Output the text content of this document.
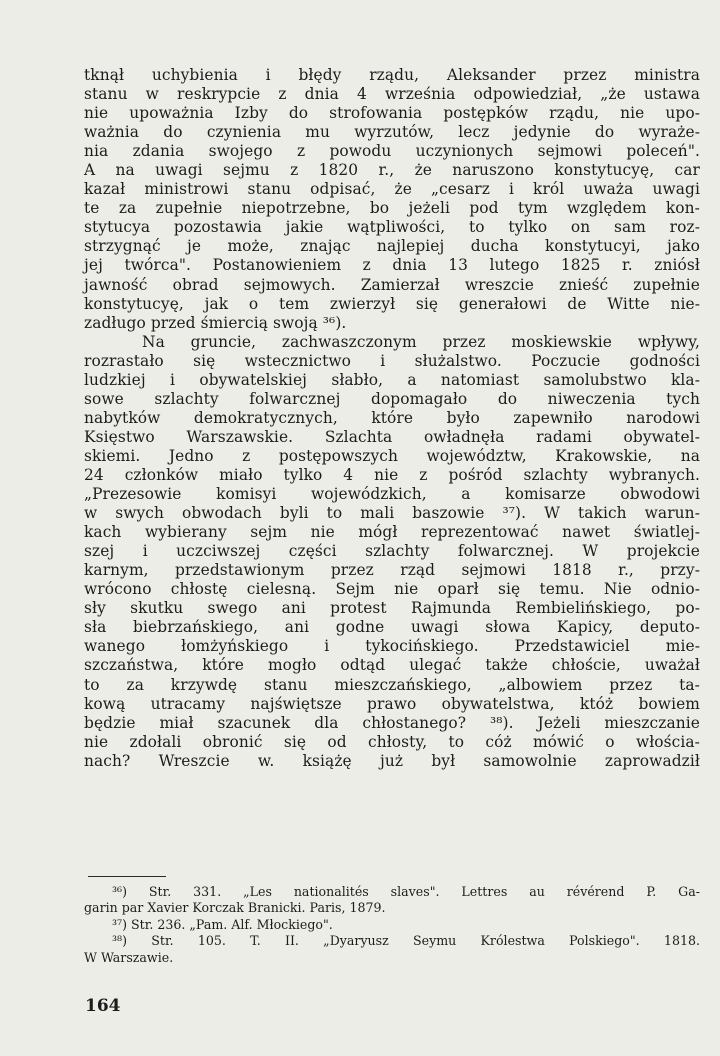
tknął uchybienia i błędy rządu, Aleksander przez ministra
stanu w reskrypcie z dnia 4 września odpowiedział, „że ustawa
nie upoważnia Izby do strofowania postępków rządu, nie upo-
ważnia do czynienia mu wyrzutów, lecz jedynie do wyraże-
nia zdania swojego z powodu uczynionych sejmowi poleceń".
A na uwagi sejmu z 1820 r., że naruszono konstytucyę, car
kazał ministrowi stanu odpisać, że „cesarz i król uważa uwagi
te za zupełnie niepotrzebne, bo jeżeli pod tym względem kon-
stytucya pozostawia jakie wątpliwości, to tylko on sam roz-
strzygnąć je może, znając najlepiej ducha konstytucyi, jako
jej twórca". Postanowieniem z dnia 13 lutego 1825 r. zniósł
jawność obrad sejmowych. Zamierzał wreszcie znieść zupełnie
konstytucyę, jak o tem zwierzył się generałowi de Witte nie-
zadługo przed śmiercią swoją ³⁶).
Na gruncie, zachwaszczonym przez moskiewskie wpływy,
rozrastało się wstecznictwo i służalstwo. Poczucie godności
ludzkiej i obywatelskiej słabło, a natomiast samolubstwo kla-
sowe szlachty folwarcznej dopomagało do niweczenia tych
nabytków demokratycznych, które było zapewniło narodowi
Księstwo Warszawskie. Szlachta owładnęła radami obywatel-
skiemi. Jedno z postępowszych województw, Krakowskie, na
24 członków miało tylko 4 nie z pośród szlachty wybranych.
„Prezesowie komisyi wojewódzkich, a komisarze obwodowi
w swych obwodach byli to mali baszowie ³⁷). W takich warun-
kach wybierany sejm nie mógł reprezentować nawet światlej-
szej i uczciwszej części szlachty folwarcznej. W projekcie
karnym, przedstawionym przez rząd sejmowi 1818 r., przy-
wrócono chłostę cielesną. Sejm nie oparł się temu. Nie odnio-
sły skutku swego ani protest Rajmunda Rembielińskiego, po-
sła biebrzańskiego, ani godne uwagi słowa Kapicy, deputo-
wanego łomżyńskiego i tykocińskiego. Przedstawiciel mie-
szczaństwa, które mogło odtąd ulegać także chłoście, uważał
to za krzywdę stanu mieszczańskiego, „albowiem przez ta-
kową utracamy najświętsze prawo obywatelstwa, któż bowiem
będzie miał szacunek dla chłostanego? ³⁸). Jeżeli mieszczanie
nie zdołali obronić się od chłosty, to cóż mówić o włościa-
nach? Wreszcie w. książę już był samowolnie zaprowadził
³⁶) Str. 331. „Les nationalités slaves". Lettres au révérend P. Ga-
garin par Xavier Korczak Branicki. Paris, 1879.
³⁷) Str. 236. „Pam. Alf. Młockiego".
³⁸) Str. 105. T. II. „Dyaryusz Seymu Królestwa Polskiego". 1818.
W Warszawie.
164
